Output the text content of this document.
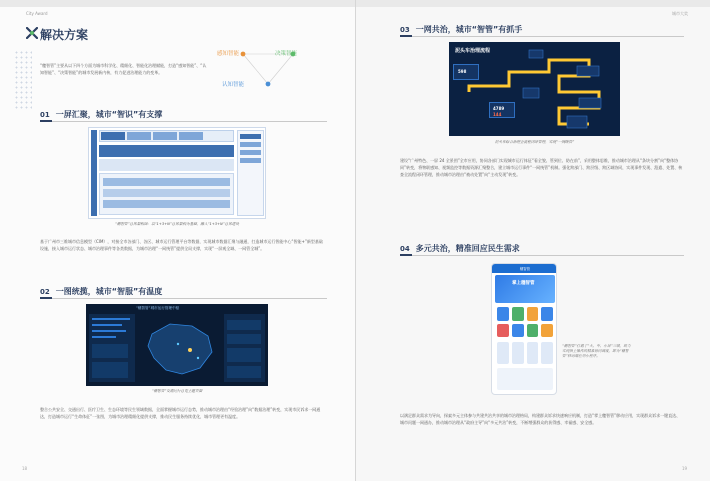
City Award
解决方案
“穗智管”主要从以下四个方面为城市科学化、精细化、智能化治理赋能，打造“感知智能”、“认知智能”、“决策智能”的城市发展新内核，有力促进治理能力的变革。
感知智能	决策智能
认知智能
01 一屏汇聚，城市“智识”有支撑
“穗智管”总体架构图：以“1+3+N”总体架构为基础，融入“1+3+N”总体建设
基于广州市三维城市信息模型（CIM），对接全市各部门、各区、城市运行管理平台等数据，实现城市数据汇聚与融通，打造城市运行智能中心“智能+”新型基础设施，接入城市运行状态、城市治理事件等各类数据，为城市治理“一网统管”提供全局支撑，实现“一屏观全域、一网管全城”。
02 一图统揽，城市“智服”有温度
“穗智管”城市运行管理中枢
“穗智管”交通运行总览主题页面
整合公共安全、交通出行、医疗卫生、生态环境等民生领域数据，全面掌握城市运行态势，推动城市治理由“经验治理”向“数据治理”转变，实现市民诉求一网通达，打造城市运行“生命体征”一张图，为城市治理精细化提供支撑，推动民生服务持续优化，城市管理更有温度。
18
城市大奖
03 一网共治，城市“智管”有抓手
泥头车治理流程
598
4789
144
泥头车综合治理全流程闭环管理，实现“一网统管”
建设“广州特色、一屏 24 全景图”全市应用，协同各部门实现城市运行体征“看全貌、管到位、防在前”，采用整体思维，推动城市治理从“条块分割”向“整体协同”转变，将物联感知、视频监控等数据资源汇聚整合，建立城市运行事件“一网统管”机制。强化跨部门、跨层级、跨区域协同，实现事件发现、派遣、处置、核查全流程闭环管理，推动城市治理由“被动处置”向“主动发现”转变。
04 多元共治，精准回应民生需求
穗智管
掌上穗智管
“穗智管”打通了“大、中、小屏”三端，助力实现指上操作的精准协同调度，即为“穗智管”移动端应用小程序。
以满足群众需求为导向，探索多元主体参与共建共治共享的城市治理格局，构建群众诉求快速响应机制，打造“掌上穗智管”移动应用，实现群众诉求一键直达、城市问题一网通办，推动城市治理从“政府主导”向“多元共治”转变，不断增强群众的获得感、幸福感、安全感。
19
